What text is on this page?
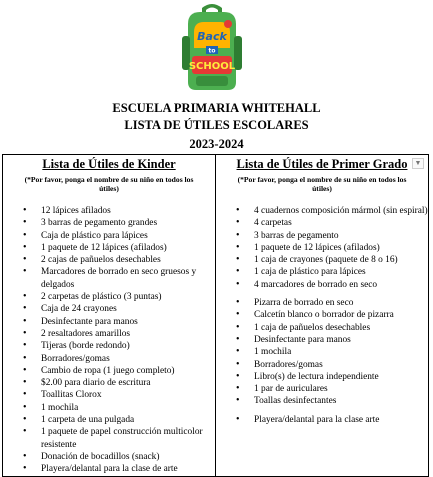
Back
to
SCHOOL
ESCUELA PRIMARIA WHITEHALL
LISTA DE ÚTILES ESCOLARES
2023-2024
Lista de Útiles de Kinder
(*Por favor, ponga el nombre de su niño en todos los útiles)
• 12 lápices afilados
• 3 barras de pegamento grandes
• Caja de plástico para lápices
• 1 paquete de 12 lápices (afilados)
• 2 cajas de pañuelos desechables
• Marcadores de borrado en seco gruesos y delgados
• 2 carpetas de plástico (3 puntas)
• Caja de 24 crayones
• Desinfectante para manos
• 2 resaltadores amarillos
• Tijeras (borde redondo)
• Borradores/gomas
• Cambio de ropa (1 juego completo)
• $2.00 para diario de escritura
• Toallitas Clorox
• 1 mochila
• 1 carpeta de una pulgada
• 1 paquete de papel construcción multicolor resistente
• Donación de bocadillos (snack)
• Playera/delantal para la clase de arte

▼
Lista de Útiles de Primer Grado
(*Por favor, ponga el nombre de su niño en todos los útiles)
• 4 cuadernos composición mármol (sin espiral)
• 4 carpetas
• 3 barras de pegamento
• 1 paquete de 12 lápices (afilados)
• 1 caja de crayones (paquete de 8 o 16)
• 1 caja de plástico para lápices
• 4 marcadores de borrado en seco
• Pizarra de borrado en seco
• Calcetín blanco o borrador de pizarra
• 1 caja de pañuelos desechables
• Desinfectante para manos
• 1 mochila
• Borradores/gomas
• Libro(s) de lectura independiente
• 1 par de auriculares
• Toallas desinfectantes
• Playera/delantal para la clase arte
